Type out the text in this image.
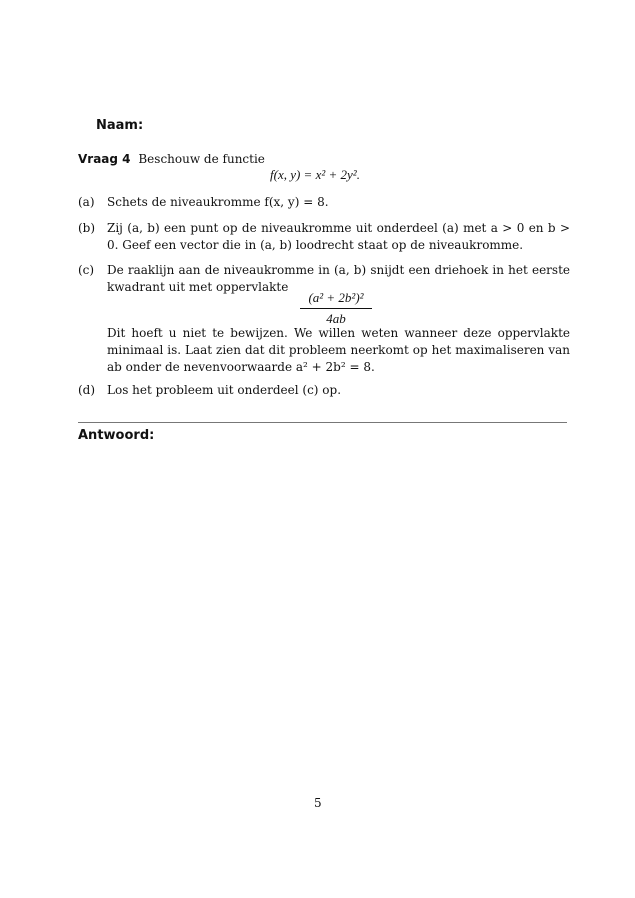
Naam:
Vraag 4 Beschouw de functie
f(x, y) = x² + 2y².
(a) Schets de niveaukromme f(x, y) = 8.
(b) Zij (a, b) een punt op de niveaukromme uit onderdeel (a) met a > 0 en b > 0. Geef een vector die in (a, b) loodrecht staat op de niveaukromme.
(c) De raaklijn aan de niveaukromme in (a, b) snijdt een driehoek in het eerste kwadrant uit met oppervlakte
$\frac{\text{(a² + 2b²)²}}{4ab}$
Dit hoeft u niet te bewijzen. We willen weten wanneer deze oppervlakte minimaal is. Laat zien dat dit probleem neerkomt op het maximaliseren van ab onder de nevenvoorwaarde a² + 2b² = 8.
(d) Los het probleem uit onderdeel (c) op.
Antwoord:
5
